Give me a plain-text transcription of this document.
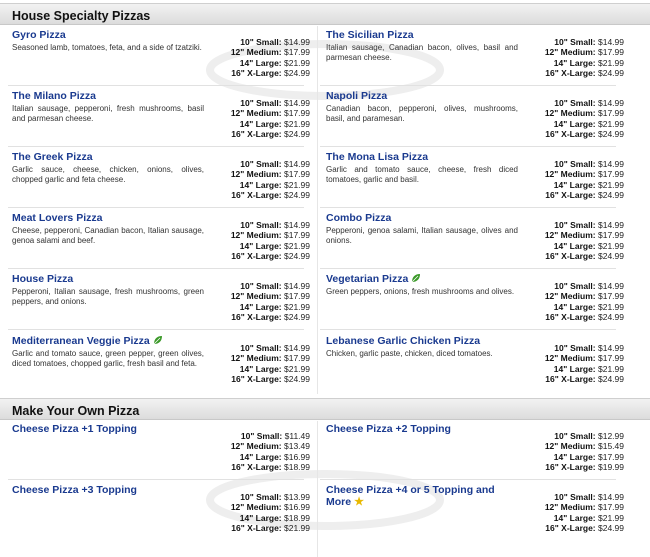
House Specialty Pizzas
Gyro Pizza
Seasoned lamb, tomatoes, feta, and a side of tzatziki.
10" Small: $14.99
12" Medium: $17.99
14" Large: $21.99
16" X-Large: $24.99
The Sicilian Pizza
Italian sausage, Canadian bacon, olives, basil and parmesan cheese.
10" Small: $14.99
12" Medium: $17.99
14" Large: $21.99
16" X-Large: $24.99
The Milano Pizza
Italian sausage, pepperoni, fresh mushrooms, basil and parmesan cheese.
10" Small: $14.99
12" Medium: $17.99
14" Large: $21.99
16" X-Large: $24.99
Napoli Pizza
Canadian bacon, pepperoni, olives, mushrooms, basil, and paramesan.
10" Small: $14.99
12" Medium: $17.99
14" Large: $21.99
16" X-Large: $24.99
The Greek Pizza
Garlic sauce, cheese, chicken, onions, olives, chopped garlic and feta cheese.
10" Small: $14.99
12" Medium: $17.99
14" Large: $21.99
16" X-Large: $24.99
The Mona Lisa Pizza
Garlic and tomato sauce, cheese, fresh diced tomatoes, garlic and basil.
10" Small: $14.99
12" Medium: $17.99
14" Large: $21.99
16" X-Large: $24.99
Meat Lovers Pizza
Cheese, pepperoni, Canadian bacon, Italian sausage, genoa salami and beef.
10" Small: $14.99
12" Medium: $17.99
14" Large: $21.99
16" X-Large: $24.99
Combo Pizza
Pepperoni, genoa salami, Italian sausage, olives and onions.
10" Small: $14.99
12" Medium: $17.99
14" Large: $21.99
16" X-Large: $24.99
House Pizza
Pepperoni, Italian sausage, fresh mushrooms, green peppers, and onions.
10" Small: $14.99
12" Medium: $17.99
14" Large: $21.99
16" X-Large: $24.99
Vegetarian Pizza
Green peppers, onions, fresh mushrooms and olives.
10" Small: $14.99
12" Medium: $17.99
14" Large: $21.99
16" X-Large: $24.99
Mediterranean Veggie Pizza
Garlic and tomato sauce, green pepper, green olives, diced tomatoes, chopped garlic, fresh basil and feta.
10" Small: $14.99
12" Medium: $17.99
14" Large: $21.99
16" X-Large: $24.99
Lebanese Garlic Chicken Pizza
Chicken, garlic paste, chicken, diced tomatoes.
10" Small: $14.99
12" Medium: $17.99
14" Large: $21.99
16" X-Large: $24.99
Make Your Own Pizza
Cheese Pizza +1 Topping
10" Small: $11.49
12" Medium: $13.49
14" Large: $16.99
16" X-Large: $18.99
Cheese Pizza +2 Topping
10" Small: $12.99
12" Medium: $15.49
14" Large: $17.99
16" X-Large: $19.99
Cheese Pizza +3 Topping
10" Small: $13.99
12" Medium: $16.99
14" Large: $18.99
16" X-Large: $21.99
Cheese Pizza +4 or 5 Topping and More ★	10" Small: $14.99
12" Medium: $17.99
14" Large: $21.99
16" X-Large: $24.99
